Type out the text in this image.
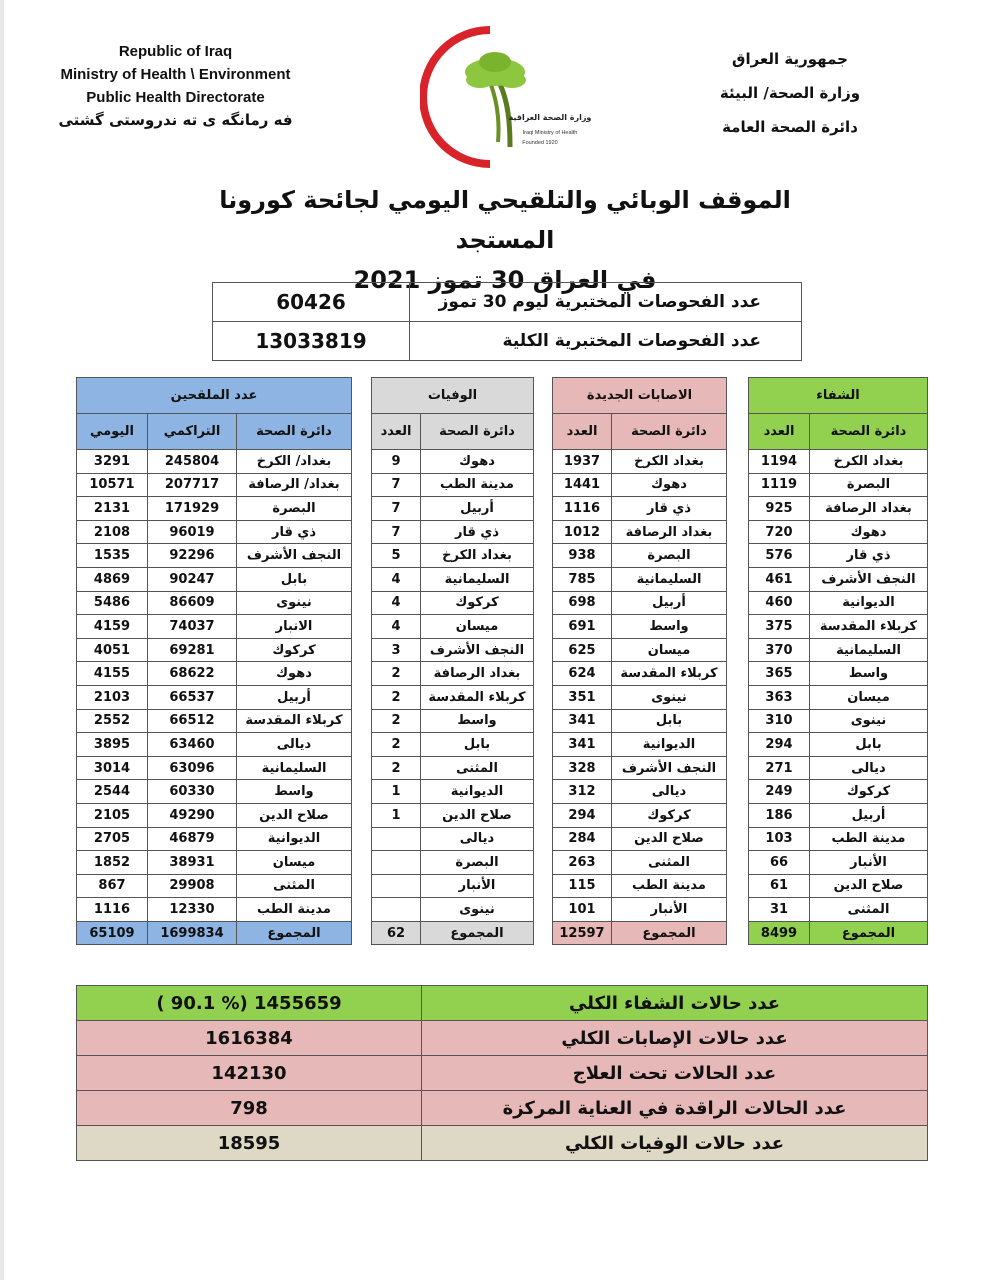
Republic of Iraq
Ministry of Health \ Environment
Public Health Directorate
فه رمانگه ى ته ندروستى گشتى
جمهورية العراق
وزارة الصحة/ البيئة
دائرة الصحة العامة
وزارة الصحة العراقية
Iraqi Ministry of Health
Founded 1920
الموقف الوبائي والتلقيحي اليومي لجائحة كورونا المستجد
في العراق 30 تموز 2021
60426	عدد الفحوصات المختبرية ليوم 30 تموز
13033819	عدد الفحوصات المختبرية الكلية
عدد الملقحين		
اليومي	التراكمي	دائرة الصحة
3291	245804	بغداد/ الكرخ
10571	207717	بغداد/ الرصافة
2131	171929	البصرة
2108	96019	ذي قار
1535	92296	النجف الأشرف
4869	90247	بابل
5486	86609	نينوى
4159	74037	الانبار
4051	69281	كركوك
4155	68622	دهوك
2103	66537	أربيل
2552	66512	كربلاء المقدسة
3895	63460	ديالى
3014	63096	السليمانية
2544	60330	واسط
2105	49290	صلاح الدين
2705	46879	الديوانية
1852	38931	ميسان
867	29908	المثنى
1116	12330	مدينة الطب
65109	1699834	المجموع
الوفيات	
العدد	دائرة الصحة
9	دهوك
7	مدينة الطب
7	أربيل
7	ذي قار
5	بغداد الكرخ
4	السليمانية
4	كركوك
4	ميسان
3	النجف الأشرف
2	بغداد الرصافة
2	كربلاء المقدسة
2	واسط
2	بابل
2	المثنى
1	الديوانية
1	صلاح الدين
	ديالى
	البصرة
	الأنبار
	نينوى
62	المجموع
الاصابات الجديدة	
العدد	دائرة الصحة
1937	بغداد الكرخ
1441	دهوك
1116	ذي قار
1012	بغداد الرصافة
938	البصرة
785	السليمانية
698	أربيل
691	واسط
625	ميسان
624	كربلاء المقدسة
351	نينوى
341	بابل
341	الديوانية
328	النجف الأشرف
312	ديالى
294	كركوك
284	صلاح الدين
263	المثنى
115	مدينة الطب
101	الأنبار
12597	المجموع
الشفاء	
العدد	دائرة الصحة
1194	بغداد الكرخ
1119	البصرة
925	بغداد الرصافة
720	دهوك
576	ذي قار
461	النجف الأشرف
460	الديوانية
375	كربلاء المقدسة
370	السليمانية
365	واسط
363	ميسان
310	نينوى
294	بابل
271	ديالى
249	كركوك
186	أربيل
103	مدينة الطب
66	الأنبار
61	صلاح الدين
31	المثنى
8499	المجموع
( 90.1 %) 1455659	عدد حالات الشفاء الكلي
1616384	عدد حالات الإصابات الكلي
142130	عدد الحالات تحت العلاج
798	عدد الحالات الراقدة في العناية المركزة
18595	عدد حالات الوفيات الكلي
